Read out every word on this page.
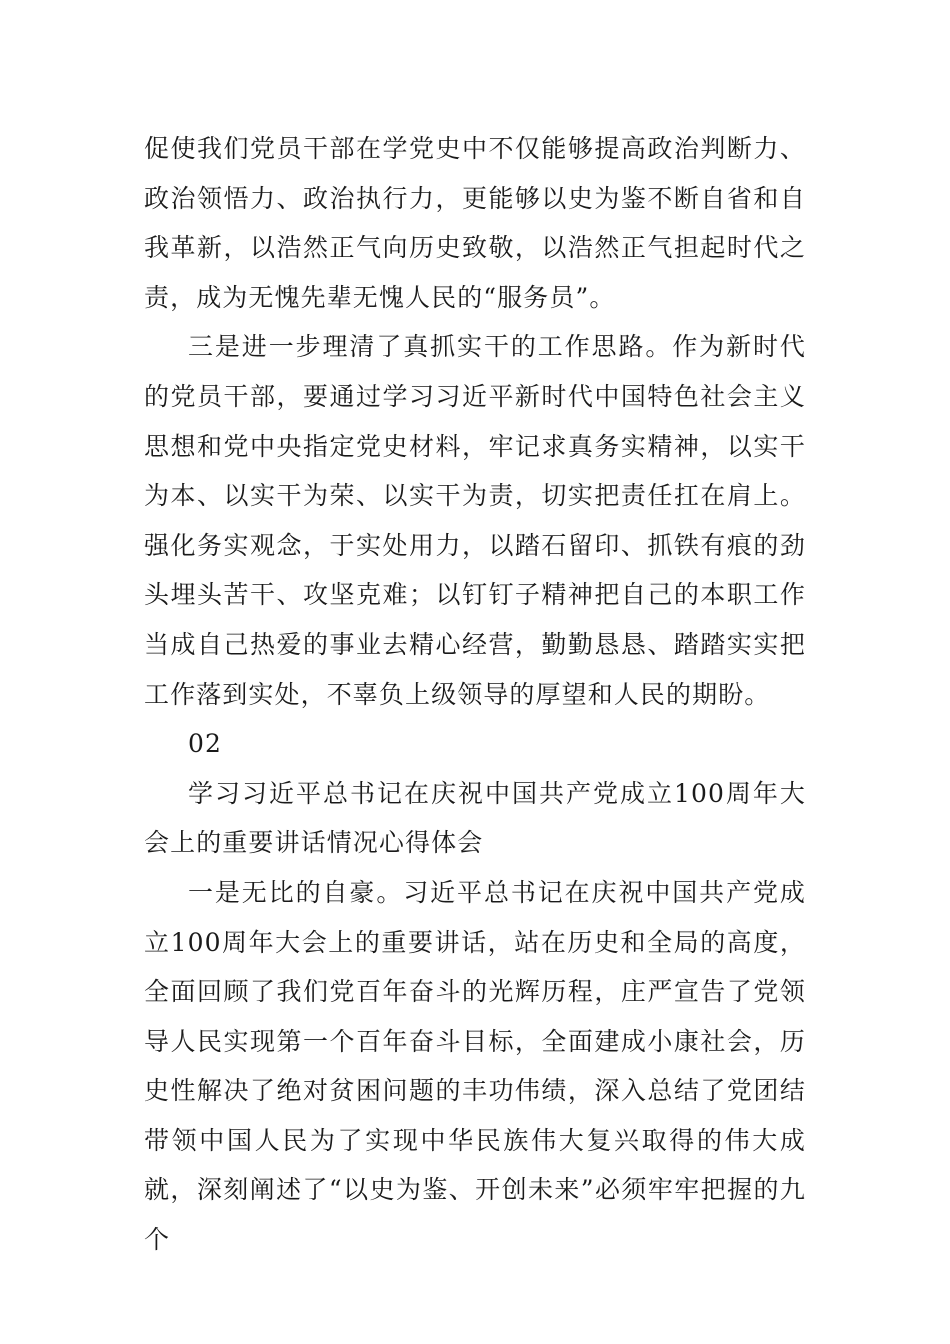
促使我们党员干部在学党史中不仅能够提高政治判断力、政治领悟力、政治执行力，更能够以史为鉴不断自省和自我革新，以浩然正气向历史致敬，以浩然正气担起时代之责，成为无愧先辈无愧人民的“服务员”。

三是进一步理清了真抓实干的工作思路。作为新时代的党员干部，要通过学习习近平新时代中国特色社会主义思想和党中央指定党史材料，牢记求真务实精神，以实干为本、以实干为荣、以实干为责，切实把责任扛在肩上。强化务实观念，于实处用力，以踏石留印、抓铁有痕的劲头埋头苦干、攻坚克难；以钉钉子精神把自己的本职工作当成自己热爱的事业去精心经营，勤勤恳恳、踏踏实实把工作落到实处，不辜负上级领导的厚望和人民的期盼。

02

学习习近平总书记在庆祝中国共产党成立100周年大会上的重要讲话情况心得体会

一是无比的自豪。习近平总书记在庆祝中国共产党成立100周年大会上的重要讲话，站在历史和全局的高度，全面回顾了我们党百年奋斗的光辉历程，庄严宣告了党领导人民实现第一个百年奋斗目标，全面建成小康社会，历史性解决了绝对贫困问题的丰功伟绩，深入总结了党团结带领中国人民为了实现中华民族伟大复兴取得的伟大成就，深刻阐述了“以史为鉴、开创未来”必须牢牢把握的九个
